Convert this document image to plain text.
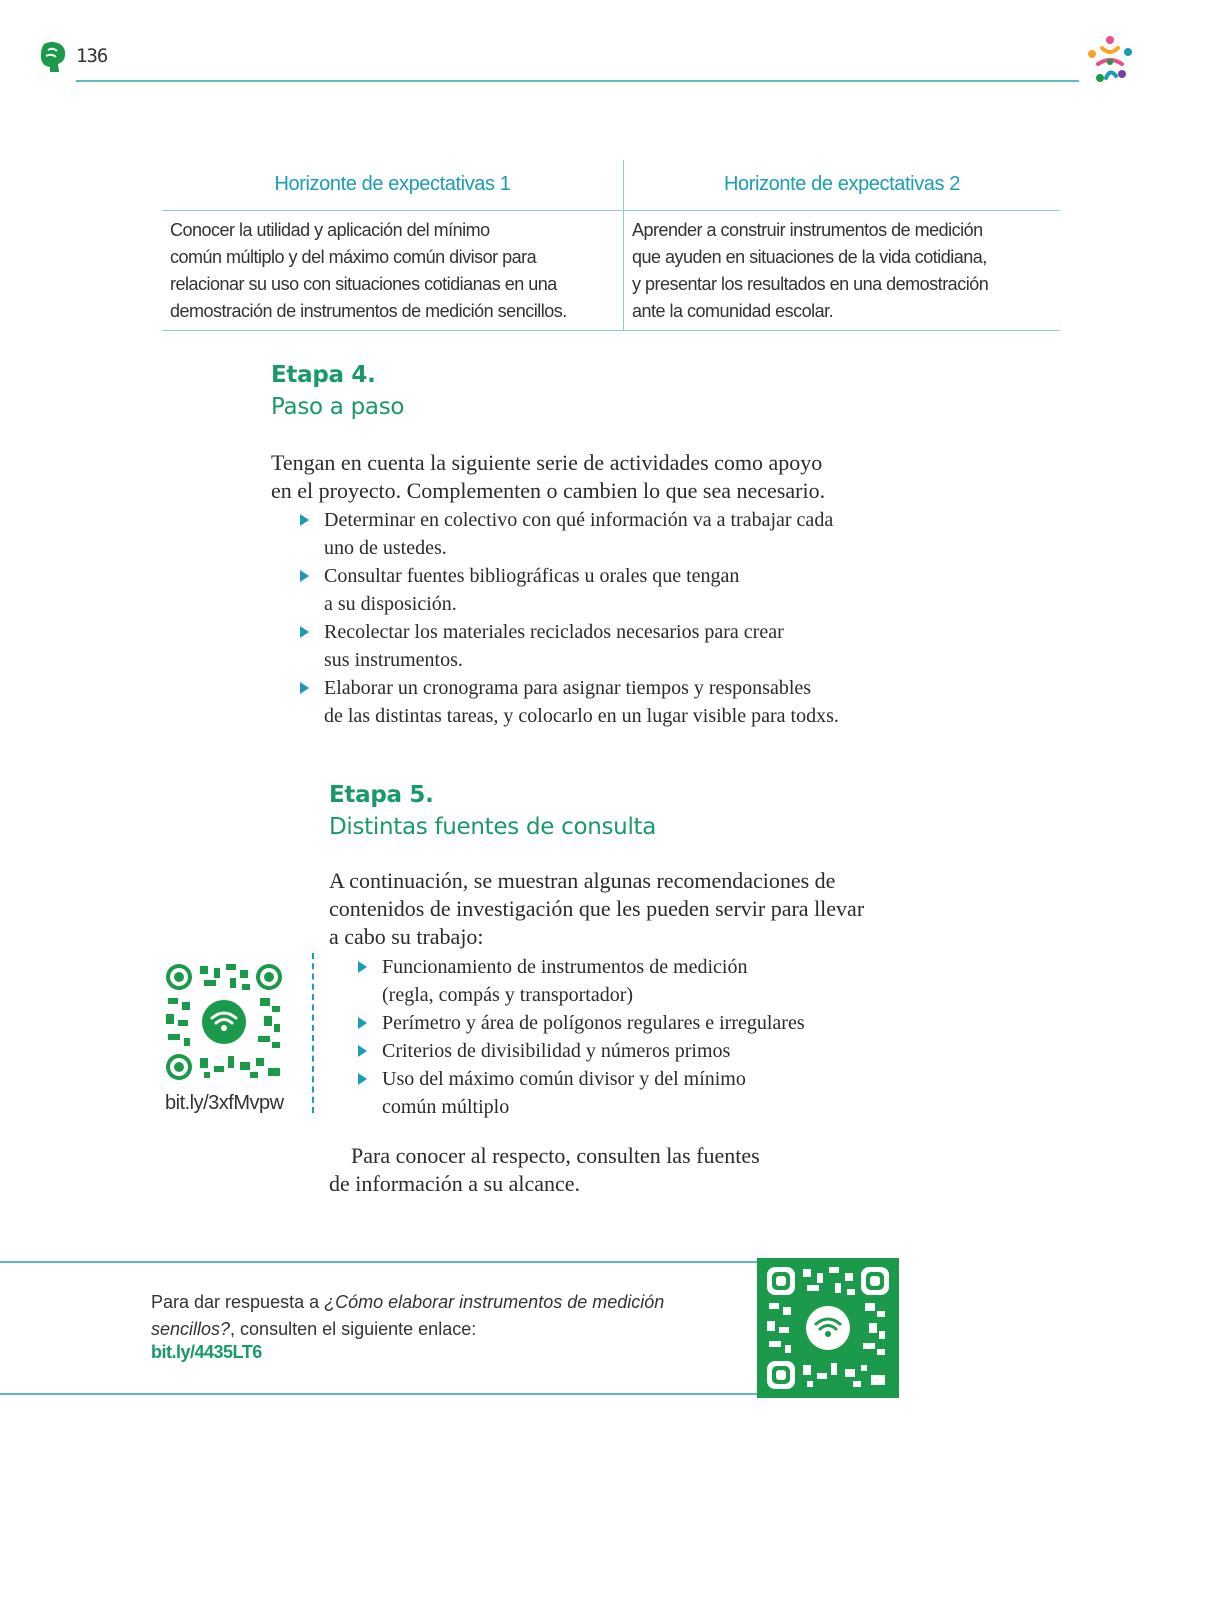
136
Horizonte de expectativas 1	Horizonte de expectativas 2
Conocer la utilidad y aplicación del mínimo
común múltiplo y del máximo común divisor para
relacionar su uso con situaciones cotidianas en una
demostración de instrumentos de medición sencillos.
Aprender a construir instrumentos de medición
que ayuden en situaciones de la vida cotidiana,
y presentar los resultados en una demostración
ante la comunidad escolar.
Etapa 4.
Paso a paso
Tengan en cuenta la siguiente serie de actividades como apoyo
en el proyecto. Complementen o cambien lo que sea necesario.
Determinar en colectivo con qué información va a trabajar cada
uno de ustedes.
Consultar fuentes bibliográficas u orales que tengan
a su disposición.
Recolectar los materiales reciclados necesarios para crear
sus instrumentos.
Elaborar un cronograma para asignar tiempos y responsables
de las distintas tareas, y colocarlo en un lugar visible para todxs.
Etapa 5.
Distintas fuentes de consulta
A continuación, se muestran algunas recomendaciones de
contenidos de investigación que les pueden servir para llevar
a cabo su trabajo:
bit.ly/3xfMvpw
Funcionamiento de instrumentos de medición
(regla, compás y transportador)
Perímetro y área de polígonos regulares e irregulares
Criterios de divisibilidad y números primos
Uso del máximo común divisor y del mínimo
común múltiplo
Para conocer al respecto, consulten las fuentes
de información a su alcance.
Para dar respuesta a ¿Cómo elaborar instrumentos de medición sencillos?, consulten el siguiente enlace:
bit.ly/4435LT6
